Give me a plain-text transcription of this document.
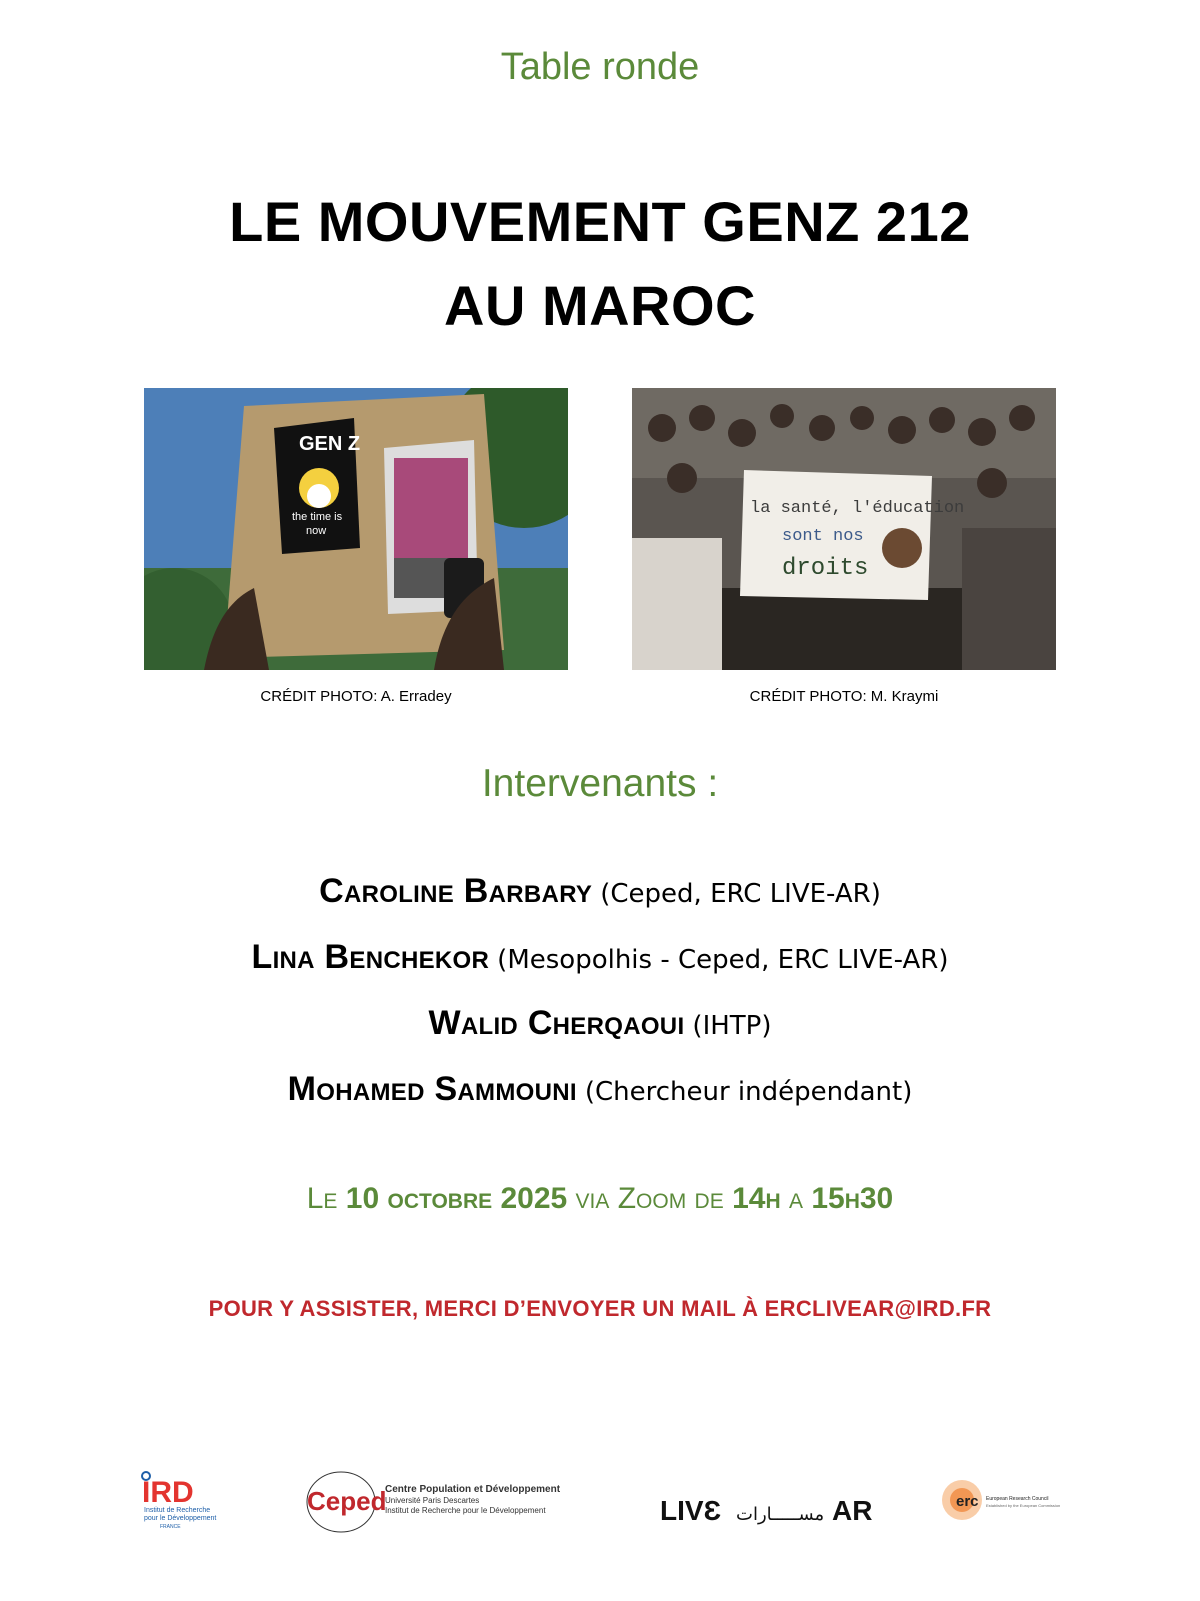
Table ronde
LE MOUVEMENT GENZ 212
AU MAROC
GEN Z
the time is
now
la santé, l'éducation
sont nos
droits
CRÉDIT PHOTO: A. Erradey	CRÉDIT PHOTO: M. Kraymi
Intervenants :
Caroline Barbary (Ceped, ERC LIVE-AR)
Lina Benchekor (Mesopolhis - Ceped, ERC LIVE-AR)
Walid Cherqaoui (IHTP)
Mohamed Sammouni (Chercheur indépendant)
Le 10 octobre 2025 via Zoom de 14h a 15h30
POUR Y ASSISTER, MERCI D’ENVOYER UN MAIL À ERCLIVEAR@IRD.FR
IRD
Institut de Recherche
pour le Développement
FRANCE
Ceped
Centre Population et Développement
Université Paris Descartes
Institut de Recherche pour le Développement	LIVƐ مســـــارات AR	erc European Research Council
Established by the European Commission
